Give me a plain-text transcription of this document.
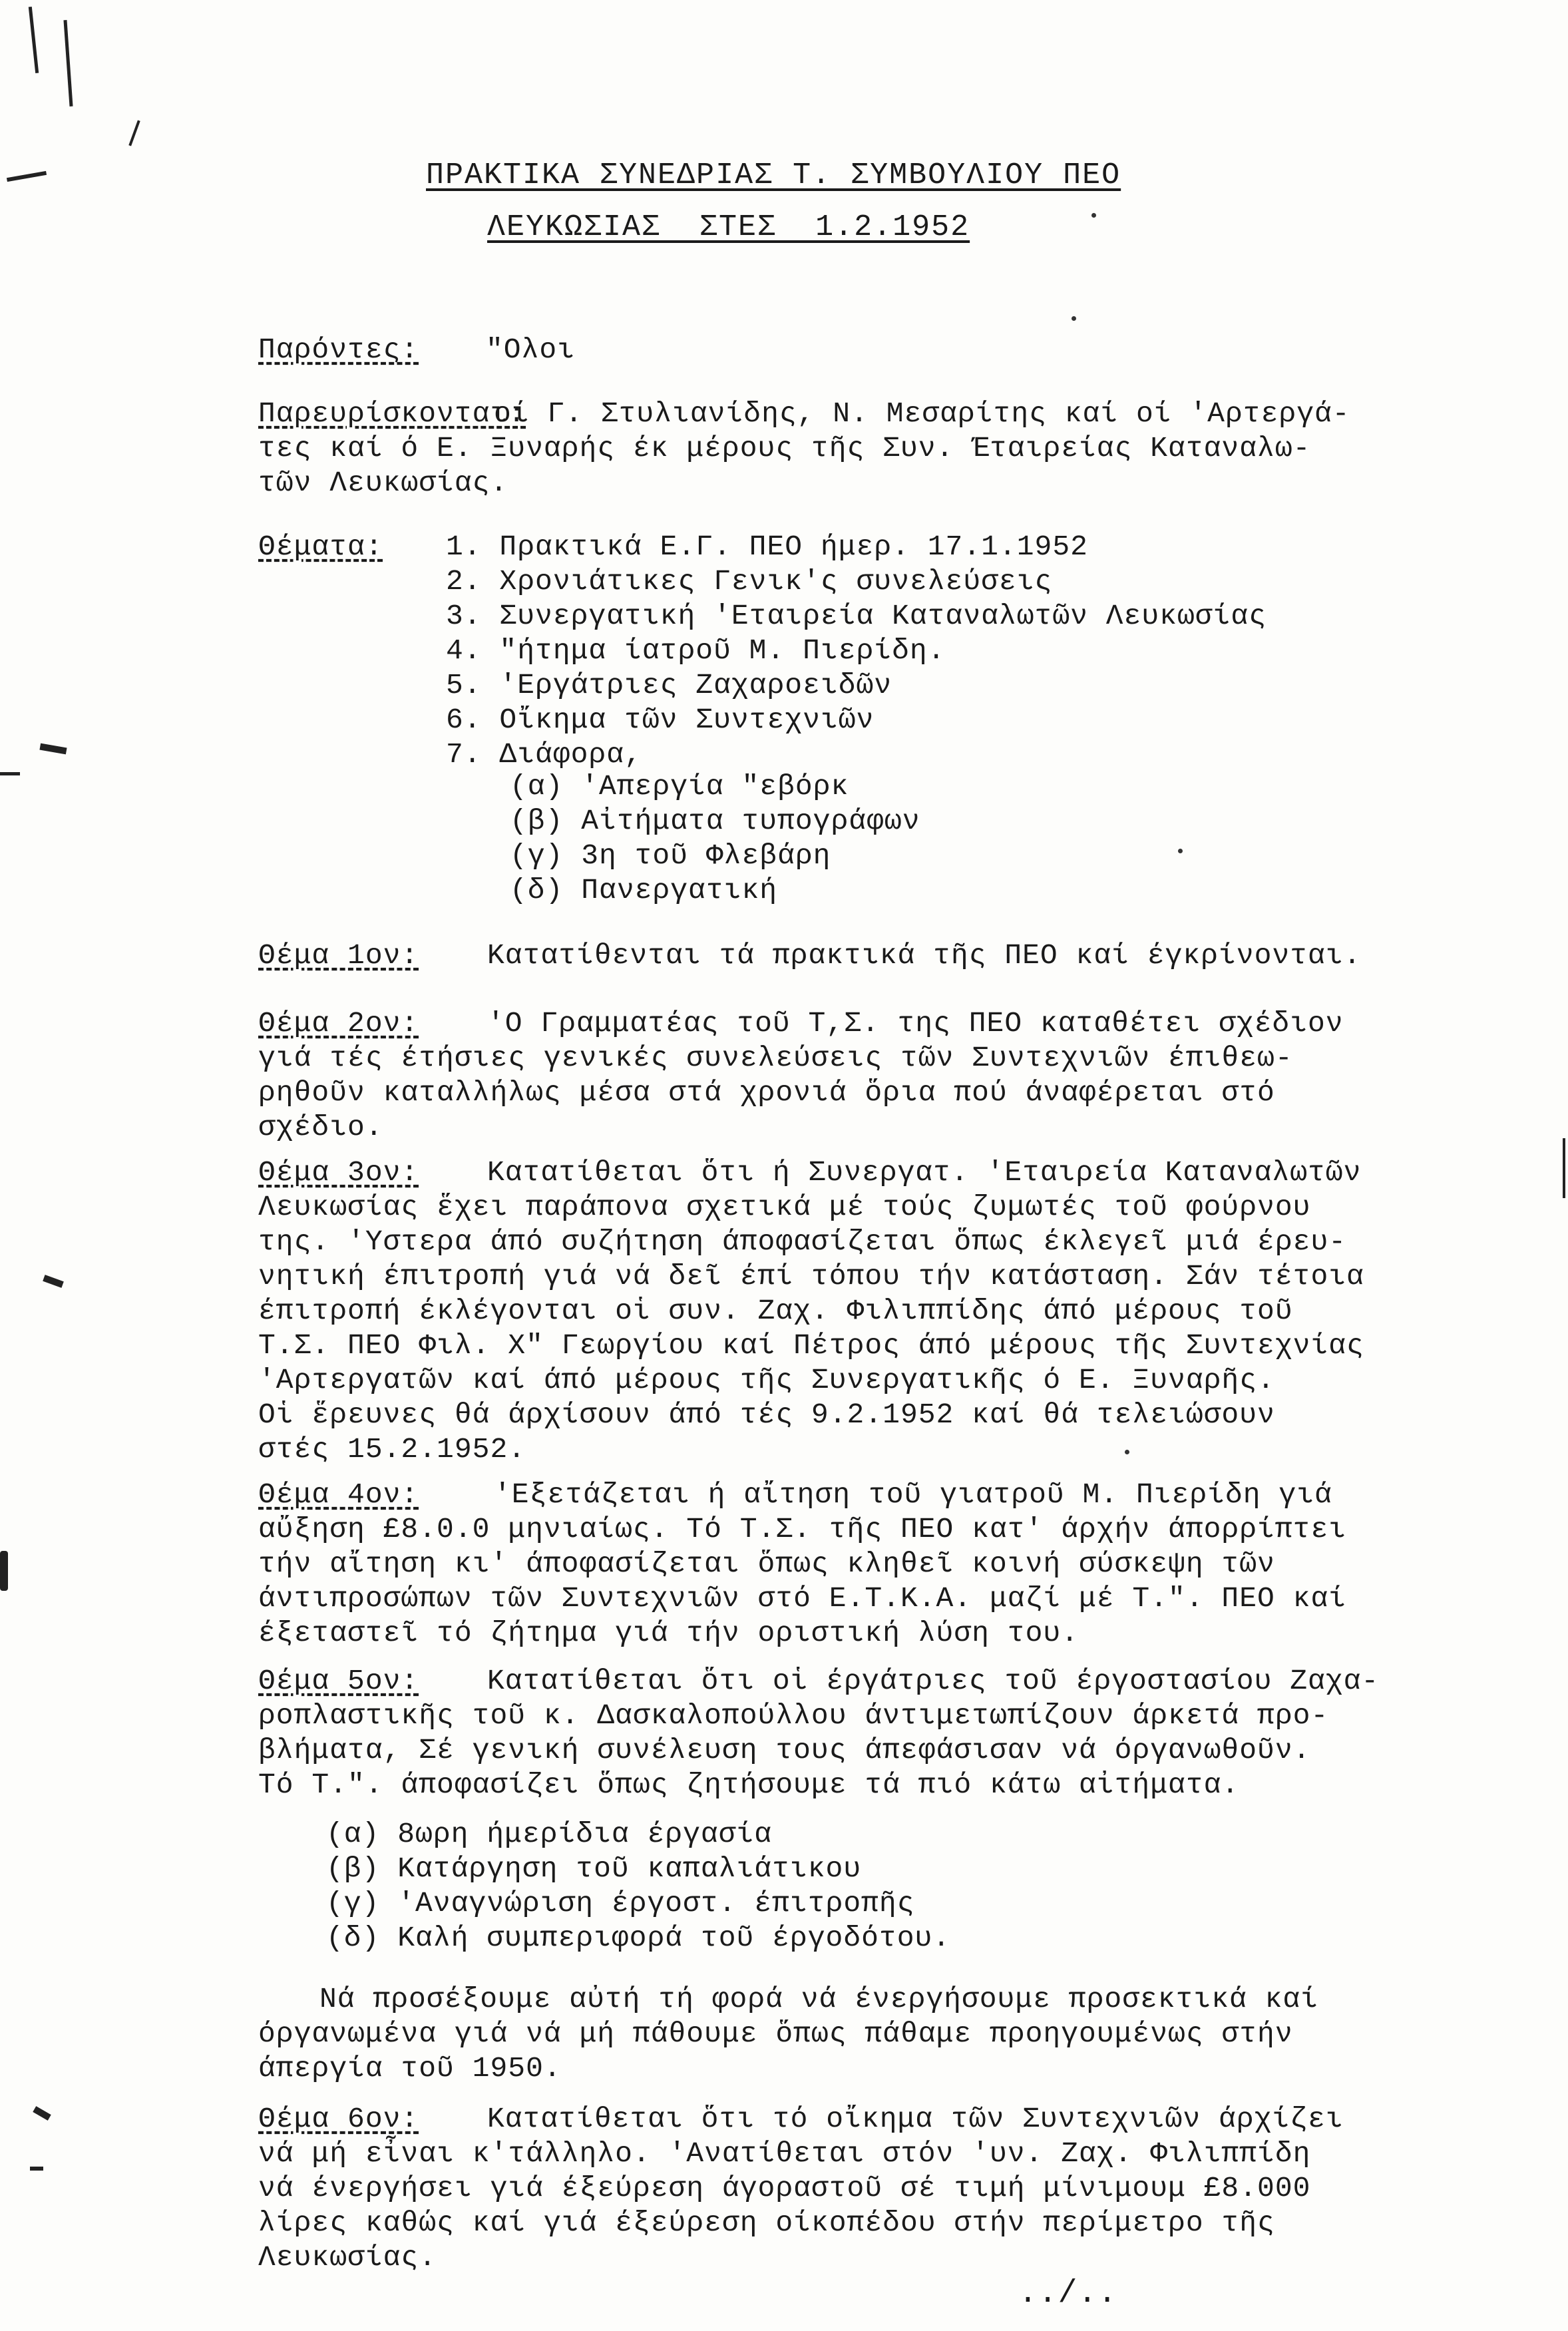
ΠΡΑΚΤΙΚΑ ΣΥΝΕΔΡΙΑΣ Τ. ΣΥΜΒΟΥΛΙΟΥ ΠΕΟ
ΛΕΥΚΩΣΙΑΣ  ΣΤΕΣ  1.2.1952
Παρόντες: "Ολοι
Παρευρίσκονται:
οί Γ. Στυλιανίδης, Ν. Μεσαρίτης καί οί 'Αρτεργά-
τες καί ό Ε. Ξυναρής έκ μέρους τῆς Συν. Έταιρείας Καταναλω-
τῶν Λευκωσίας.
Θέματα: 1. Πρακτικά Ε.Γ. ΠΕΟ ήμερ. 17.1.1952
2. Χρονιάτικες Γενικ'ς συνελεύσεις
3. Συνεργατική 'Εταιρεία Καταναλωτῶν Λευκωσίας
4. "ήτημα ίατροῦ Μ. Πιερίδη.
5. 'Εργάτριες Ζαχαροειδῶν
6. Οἴκημα τῶν Συντεχνιῶν
7. Διάφορα,
(α) 'Απεργία "εβόρκ
(β) Αἰτήματα τυπογράφων
(γ) 3η τοῦ Φλεβάρη
(δ) Πανεργατική
Θέμα 1ον: Κατατίθενται τά πρακτικά τῆς ΠΕΟ καί έγκρίνονται.
Θέμα 2ον: 'Ο Γραμματέας τοῦ Τ,Σ. της ΠΕΟ καταθέτει σχέδιον
γιά τές έτήσιες γενικές συνελεύσεις τῶν Συντεχνιῶν έπιθεω-
ρηθοῦν καταλλήλως μέσα στά χρονιά ὅρια πού άναφέρεται στό
σχέδιο.
Θέμα 3ον: Κατατίθεται ὅτι ή Συνεργατ. 'Εταιρεία Καταναλωτῶν
Λευκωσίας ἕχει παράπονα σχετικά μέ τούς ζυμωτές τοῦ φούρνου
της. 'Υστερα άπό συζήτηση άποφασίζεται ὅπως έκλεγεῖ μιά έρευ-
νητική έπιτροπή γιά νά δεῖ έπί τόπου τήν κατάσταση. Σάν τέτοια
έπιτροπή έκλέγονται οἱ συν. Ζαχ. Φιλιππίδης άπό μέρους τοῦ
Τ.Σ. ΠΕΟ Φιλ. Χ" Γεωργίου καί Πέτρος άπό μέρους τῆς Συντεχνίας
'Αρτεργατῶν καί άπό μέρους τῆς Συνεργατικῆς ό Ε. Ξυναρῆς.
Οἱ ἕρευνες θά άρχίσουν άπό τές 9.2.1952 καί θά τελειώσουν
στές 15.2.1952.
Θέμα 4ον:	'Εξετάζεται ή αἴτηση τοῦ γιατροῦ Μ. Πιερίδη γιά
αὔξηση £8.0.0 μηνιαίως. Τό Τ.Σ. τῆς ΠΕΟ κατ' άρχήν άπορρίπτει
τήν αἴτηση κι' άποφασίζεται ὅπως κληθεῖ κοινή σύσκεψη τῶν
άντιπροσώπων τῶν Συντεχνιῶν στό Ε.Τ.Κ.Α. μαζί μέ Τ.". ΠΕΟ καί
έξεταστεῖ τό ζήτημα γιά τήν οριστική λύση του.
Θέμα 5ον: Κατατίθεται ὅτι οἱ έργάτριες τοῦ έργοστασίου Ζαχα-
ροπλαστικῆς τοῦ κ. Δασκαλοπούλλου άντιμετωπίζουν άρκετά προ-
βλήματα, Σέ γενική συνέλευση τους άπεφάσισαν νά όργανωθοῦν.
Τό Τ.". άποφασίζει ὅπως ζητήσουμε τά πιό κάτω αἰτήματα.
(α) 8ωρη ήμερίδια έργασία
(β) Κατάργηση τοῦ καπαλιάτικου
(γ) 'Αναγνώριση έργοστ. έπιτροπῆς
(δ) Καλή συμπεριφορά τοῦ έργοδότου.
Νά προσέξουμε αὐτή τή φορά νά ένεργήσουμε προσεκτικά καί
όργανωμένα γιά νά μή πάθουμε ὅπως πάθαμε προηγουμένως στήν
άπεργία τοῦ 1950.
Θέμα 6ον: Κατατίθεται ὅτι τό οἴκημα τῶν Συντεχνιῶν άρχίζει
νά μή εἶναι κ'τάλληλο. 'Ανατίθεται στόν 'υν. Ζαχ. Φιλιππίδη
νά ένεργήσει γιά έξεύρεση άγοραστοῦ σέ τιμή μίνιμουμ £8.000
λίρες καθώς καί γιά έξεύρεση οίκοπέδου στήν περίμετρο τῆς
Λευκωσίας.
../..
